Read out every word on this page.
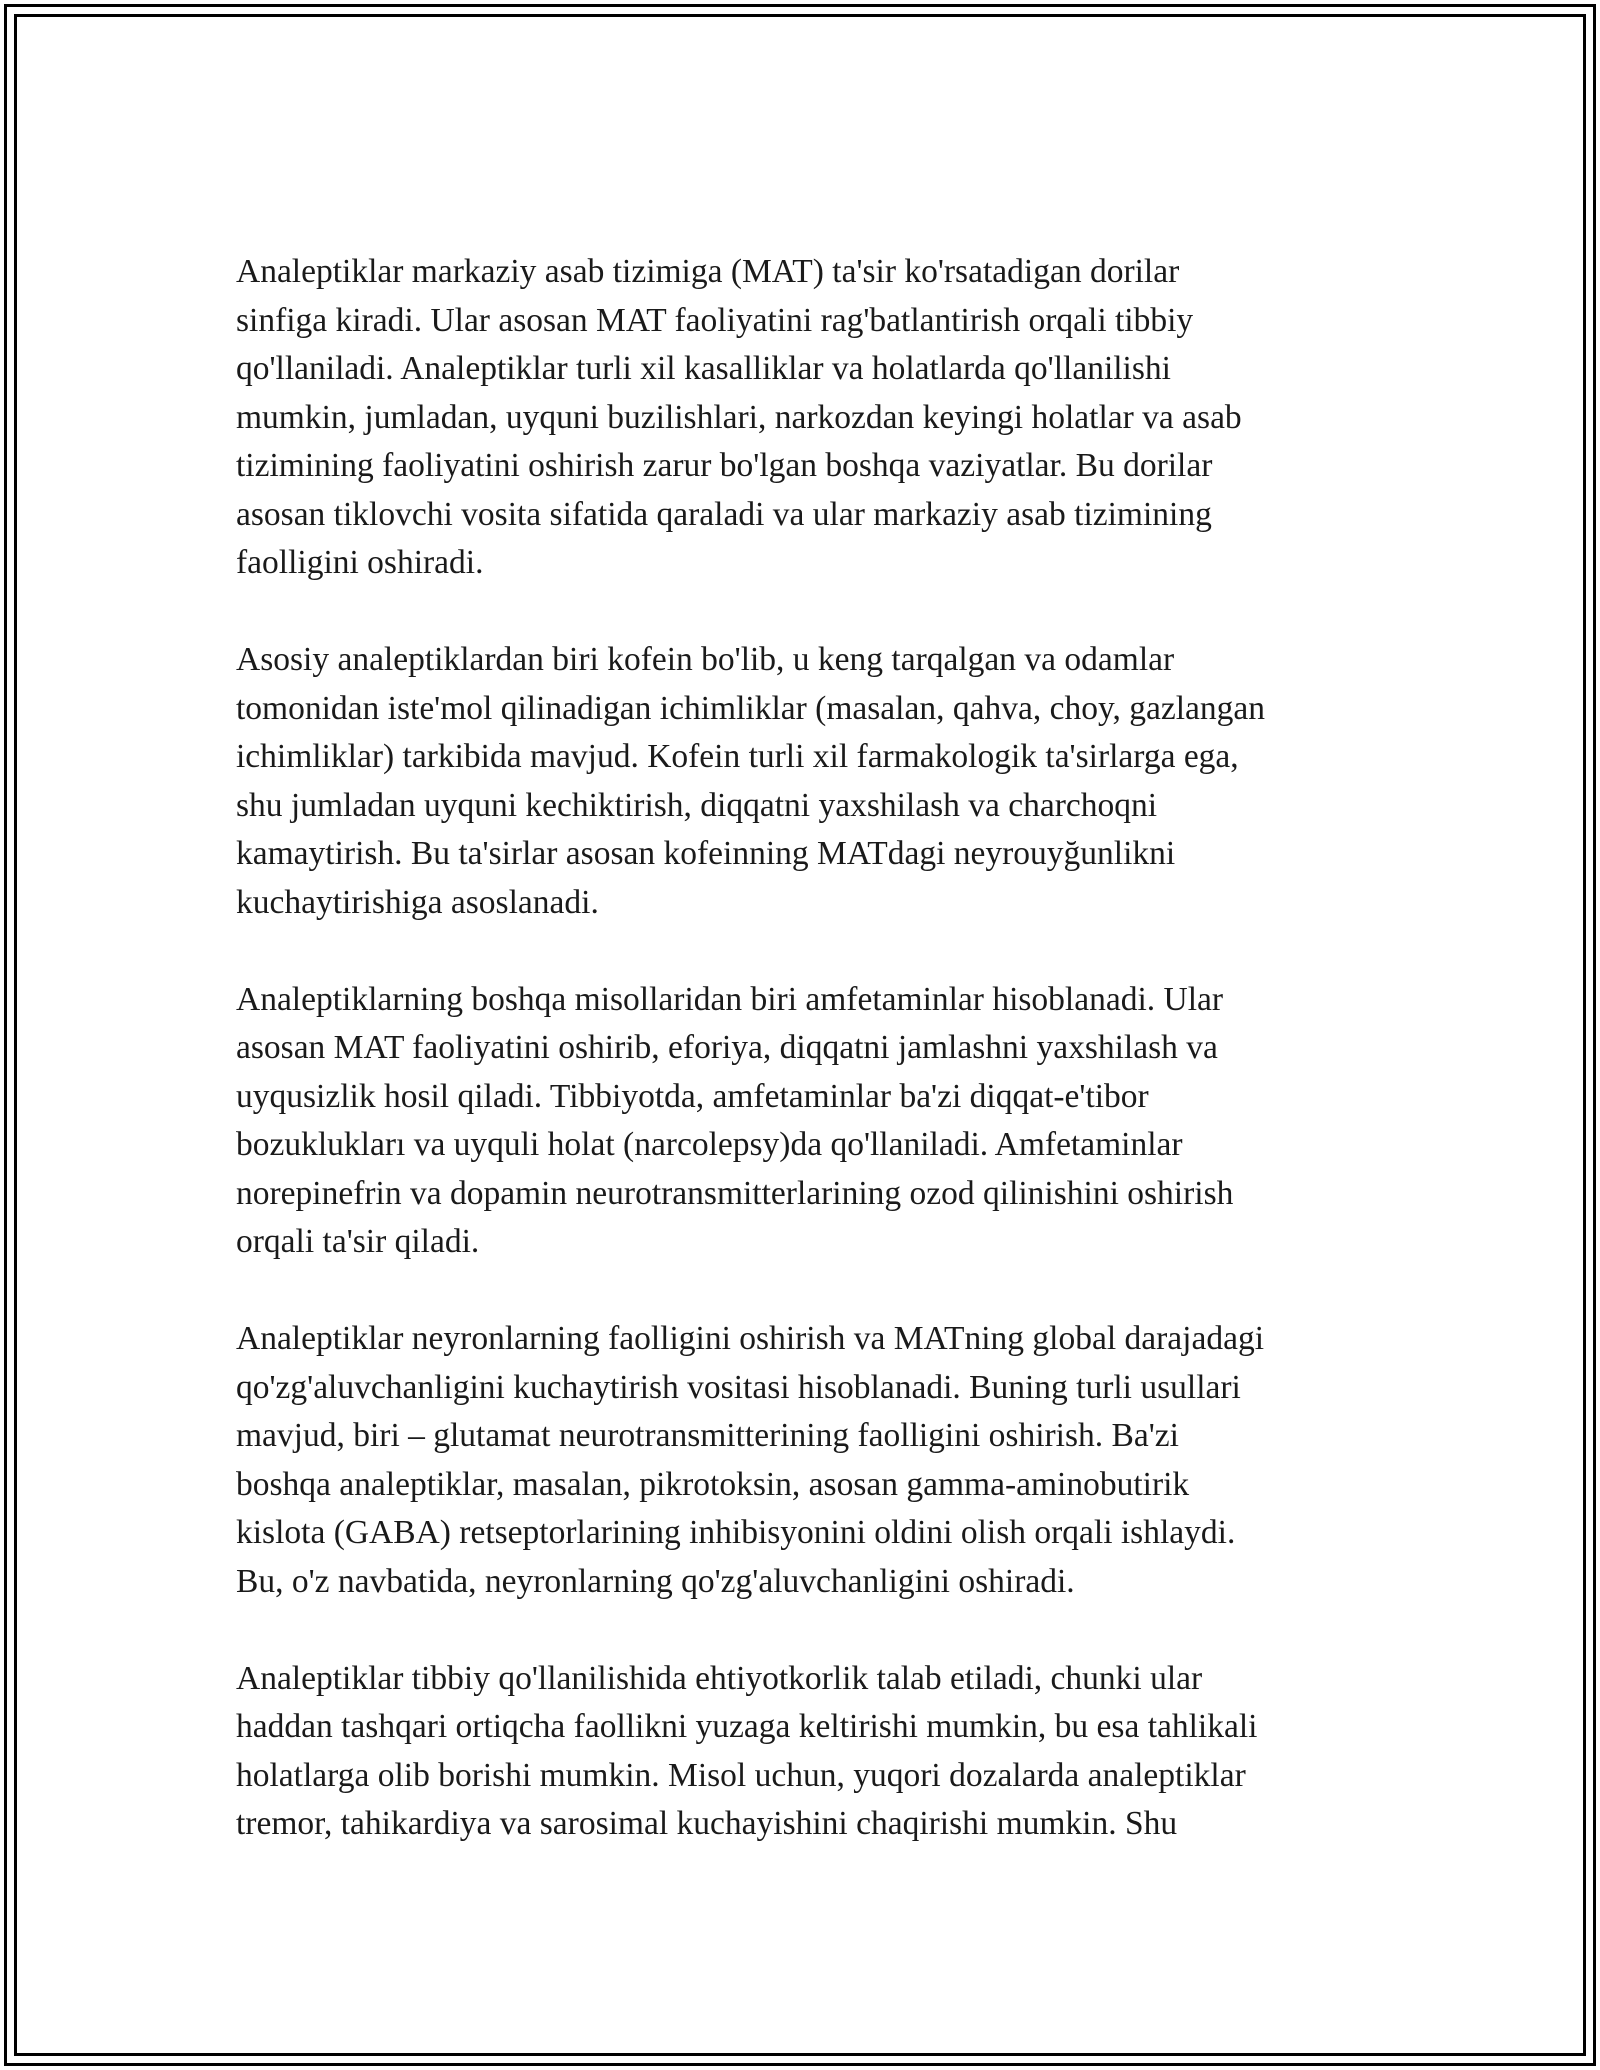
Analeptiklar markaziy asab tizimiga (MAT) ta'sir ko'rsatadigan dorilar
sinfiga kiradi. Ular asosan MAT faoliyatini rag'batlantirish orqali tibbiy
qo'llaniladi. Analeptiklar turli xil kasalliklar va holatlarda qo'llanilishi
mumkin, jumladan, uyquni buzilishlari, narkozdan keyingi holatlar va asab
tizimining faoliyatini oshirish zarur bo'lgan boshqa vaziyatlar. Bu dorilar
asosan tiklovchi vosita sifatida qaraladi va ular markaziy asab tizimining
faolligini oshiradi.

Asosiy analeptiklardan biri kofein bo'lib, u keng tarqalgan va odamlar
tomonidan iste'mol qilinadigan ichimliklar (masalan, qahva, choy, gazlangan
ichimliklar) tarkibida mavjud. Kofein turli xil farmakologik ta'sirlarga ega,
shu jumladan uyquni kechiktirish, diqqatni yaxshilash va charchoqni
kamaytirish. Bu ta'sirlar asosan kofeinning MATdagi neyrouyğunlikni
kuchaytirishiga asoslanadi.

Analeptiklarning boshqa misollaridan biri amfetaminlar hisoblanadi. Ular
asosan MAT faoliyatini oshirib, eforiya, diqqatni jamlashni yaxshilash va
uyqusizlik hosil qiladi. Tibbiyotda, amfetaminlar ba'zi diqqat-e'tibor
bozuklukları va uyquli holat (narcolepsy)da qo'llaniladi. Amfetaminlar
norepinefrin va dopamin neurotransmitterlarining ozod qilinishini oshirish
orqali ta'sir qiladi.

Analeptiklar neyronlarning faolligini oshirish va MATning global darajadagi
qo'zg'aluvchanligini kuchaytirish vositasi hisoblanadi. Buning turli usullari
mavjud, biri – glutamat neurotransmitterining faolligini oshirish. Ba'zi
boshqa analeptiklar, masalan, pikrotoksin, asosan gamma-aminobutirik
kislota (GABA) retseptorlarining inhibisyonini oldini olish orqali ishlaydi.
Bu, o'z navbatida, neyronlarning qo'zg'aluvchanligini oshiradi.

Analeptiklar tibbiy qo'llanilishida ehtiyotkorlik talab etiladi, chunki ular
haddan tashqari ortiqcha faollikni yuzaga keltirishi mumkin, bu esa tahlikali
holatlarga olib borishi mumkin. Misol uchun, yuqori dozalarda analeptiklar
tremor, tahikardiya va sarosimal kuchayishini chaqirishi mumkin. Shu
